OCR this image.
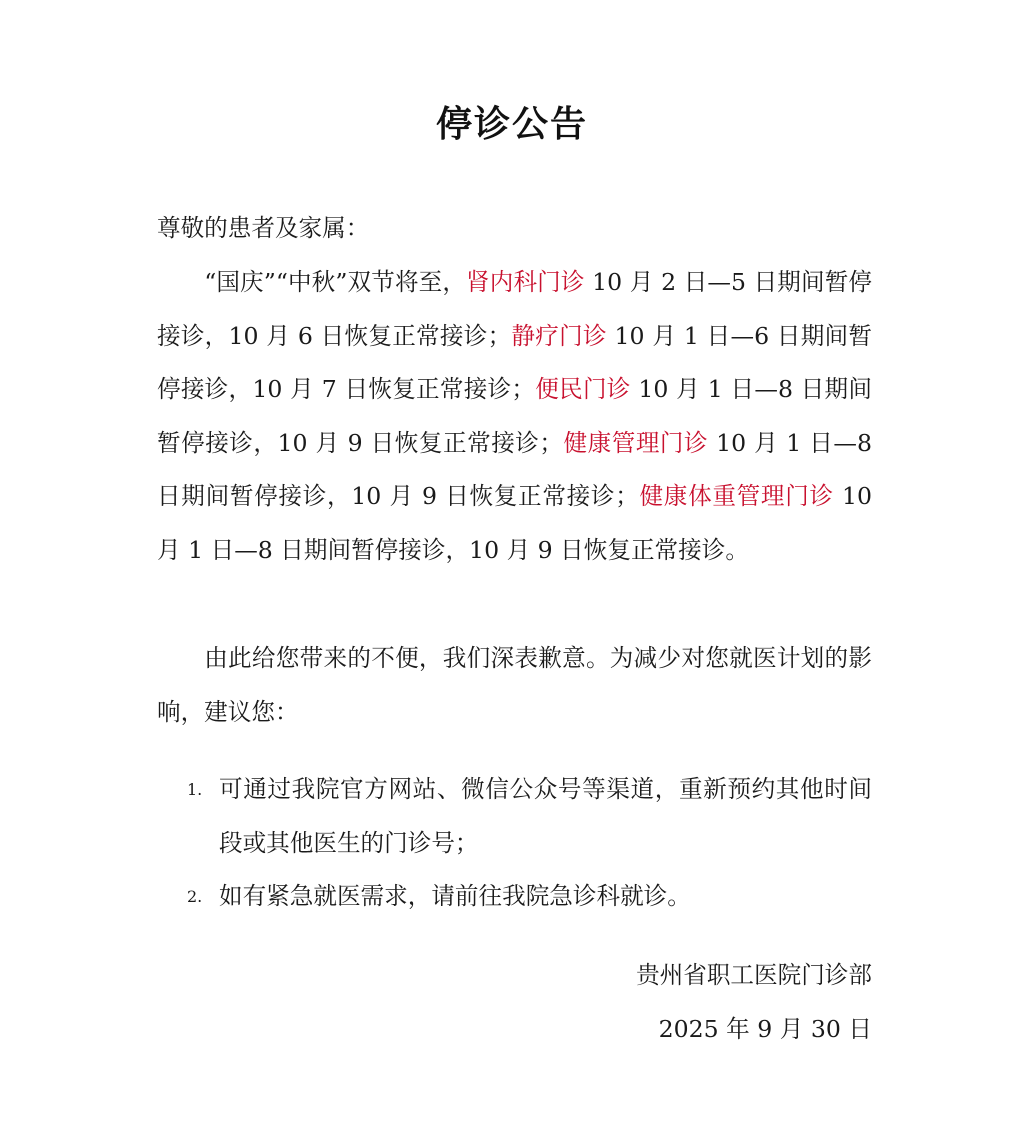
停诊公告
尊敬的患者及家属：
“国庆”“中秋”双节将至，肾内科门诊 10 月 2 日—5 日期间暂停接诊，10 月 6 日恢复正常接诊；静疗门诊 10 月 1 日—6 日期间暂停接诊，10 月 7 日恢复正常接诊；便民门诊 10 月 1 日—8 日期间暂停接诊，10 月 9 日恢复正常接诊；健康管理门诊 10 月 1 日—8 日期间暂停接诊，10 月 9 日恢复正常接诊；健康体重管理门诊 10 月 1 日—8 日期间暂停接诊，10 月 9 日恢复正常接诊。
由此给您带来的不便，我们深表歉意。为减少对您就医计划的影响，建议您：
1. 可通过我院官方网站、微信公众号等渠道，重新预约其他时间段或其他医生的门诊号；
2. 如有紧急就医需求，请前往我院急诊科就诊。
贵州省职工医院门诊部
2025 年 9 月 30 日
